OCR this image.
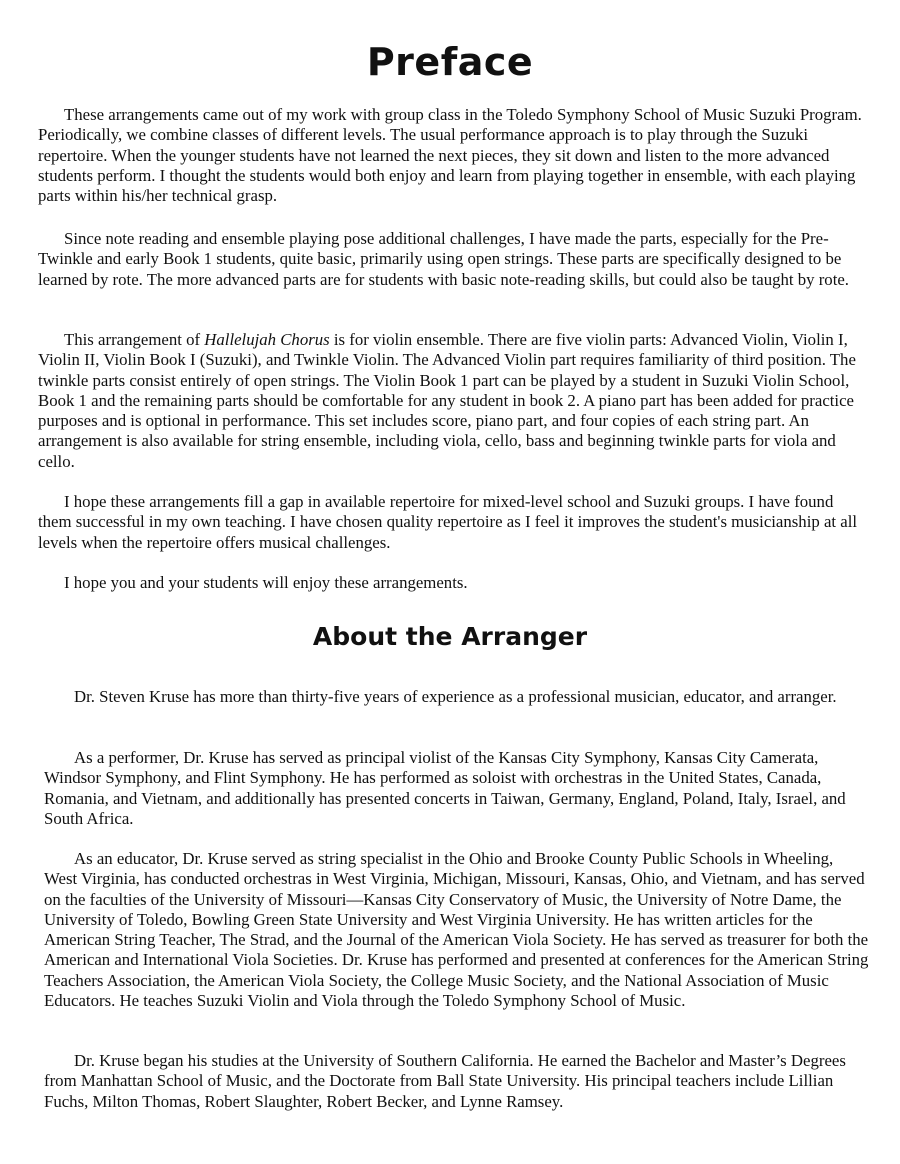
Preface

These arrangements came out of my work with group class in the Toledo Symphony School of Music Suzuki Program. Periodically, we combine classes of different levels. The usual performance approach is to play through the Suzuki repertoire. When the younger students have not learned the next pieces, they sit down and listen to the more advanced students perform. I thought the students would both enjoy and learn from playing together in ensemble, with each playing parts within his/her technical grasp.

Since note reading and ensemble playing pose additional challenges, I have made the parts, especially for the Pre-Twinkle and early Book 1 students, quite basic, primarily using open strings. These parts are specifically designed to be learned by rote. The more advanced parts are for students with basic note-reading skills, but could also be taught by rote.

This arrangement of Hallelujah Chorus is for violin ensemble. There are five violin parts: Advanced Violin, Violin I, Violin II, Violin Book I (Suzuki), and Twinkle Violin. The Advanced Violin part requires familiarity of third position. The twinkle parts consist entirely of open strings. The Violin Book 1 part can be played by a student in Suzuki Violin School, Book 1 and the remaining parts should be comfortable for any student in book 2. A piano part has been added for practice purposes and is optional in performance. This set includes score, piano part, and four copies of each string part. An arrangement is also available for string ensemble, including viola, cello, bass and beginning twinkle parts for viola and cello.

I hope these arrangements fill a gap in available repertoire for mixed-level school and Suzuki groups. I have found them successful in my own teaching. I have chosen quality repertoire as I feel it improves the student's musicianship at all levels when the repertoire offers musical challenges.

I hope you and your students will enjoy these arrangements.

About the Arranger

Dr. Steven Kruse has more than thirty-five years of experience as a professional musician, educator, and arranger.

As a performer, Dr. Kruse has served as principal violist of the Kansas City Symphony, Kansas City Camerata, Windsor Symphony, and Flint Symphony. He has performed as soloist with orchestras in the United States, Canada, Romania, and Vietnam, and additionally has presented concerts in Taiwan, Germany, England, Poland, Italy, Israel, and South Africa.

As an educator, Dr. Kruse served as string specialist in the Ohio and Brooke County Public Schools in Wheeling, West Virginia, has conducted orchestras in West Virginia, Michigan, Missouri, Kansas, Ohio, and Vietnam, and has served on the faculties of the University of Missouri—Kansas City Conservatory of Music, the University of Notre Dame, the University of Toledo, Bowling Green State University and West Virginia University. He has written articles for the American String Teacher, The Strad, and the Journal of the American Viola Society. He has served as treasurer for both the American and International Viola Societies. Dr. Kruse has performed and presented at conferences for the American String Teachers Association, the American Viola Society, the College Music Society, and the National Association of Music Educators. He teaches Suzuki Violin and Viola through the Toledo Symphony School of Music.

Dr. Kruse began his studies at the University of Southern California. He earned the Bachelor and Master’s Degrees from Manhattan School of Music, and the Doctorate from Ball State University. His principal teachers include Lillian Fuchs, Milton Thomas, Robert Slaughter, Robert Becker, and Lynne Ramsey.
